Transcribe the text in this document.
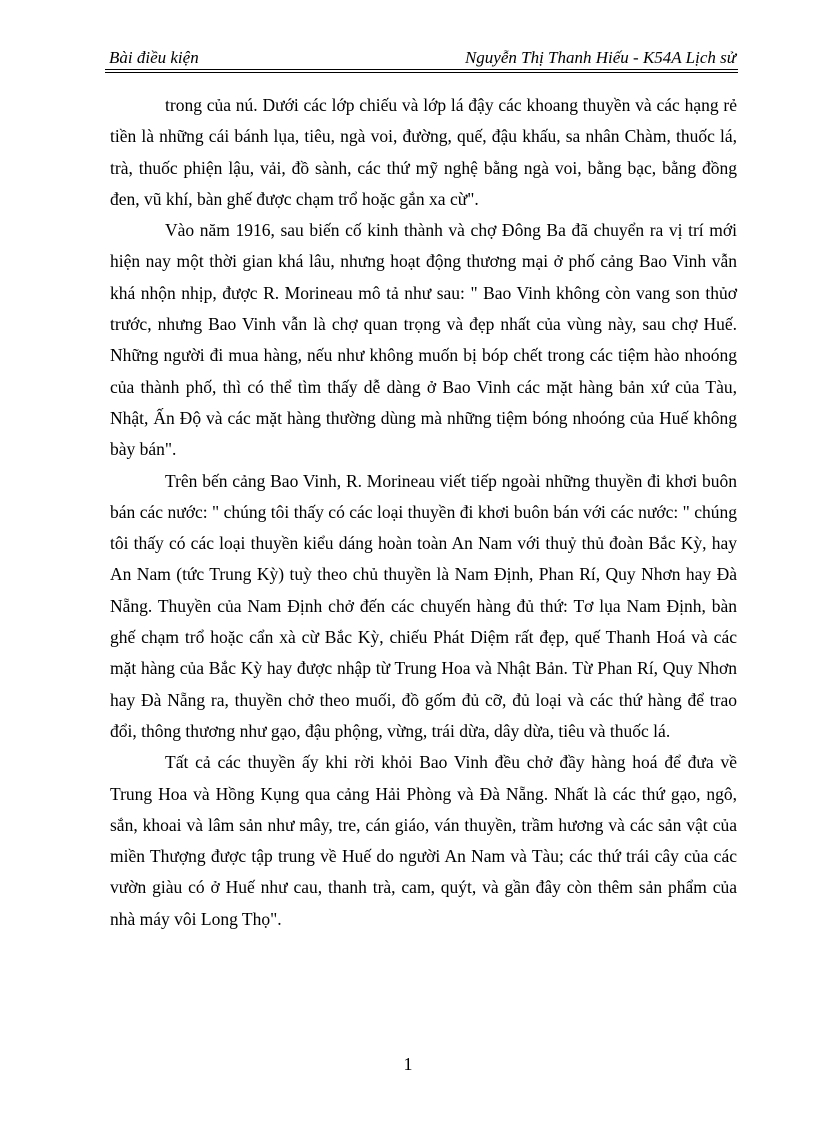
Bài điều kiện	Nguyễn Thị Thanh Hiếu - K54A Lịch sử

trong của nú. Dưới các lớp chiếu và lớp lá đậy các khoang thuyền và các hạng rẻ tiền là những cái bánh lụa, tiêu, ngà voi, đường, quế, đậu khấu, sa nhân Chàm, thuốc lá, trà, thuốc phiện lậu, vải, đồ sành, các thứ mỹ nghệ bằng ngà voi, bằng bạc, bằng đồng đen, vũ khí, bàn ghế được chạm trổ hoặc gắn xa cừ".

Vào năm 1916, sau biến cố kinh thành và chợ Đông Ba đã chuyển ra vị trí mới hiện nay một thời gian khá lâu, nhưng hoạt động thương mại ở phố cảng Bao Vinh vẫn khá nhộn nhịp, được R. Morineau mô tả như sau: " Bao Vinh không còn vang son thủơ trước, nhưng Bao Vinh vẫn là chợ quan trọng và đẹp nhất của vùng này, sau chợ Huế. Những người đi mua hàng, nếu như không muốn bị bóp chết trong các tiệm hào nhoóng của thành phố, thì có thể tìm thấy dễ dàng ở Bao Vinh các mặt hàng bản xứ của Tàu, Nhật, Ấn Độ và các mặt hàng thường dùng mà những tiệm bóng nhoóng của Huế không bày bán".

Trên bến cảng Bao Vinh, R. Morineau viết tiếp ngoài những thuyền đi khơi buôn bán các nước: " chúng tôi thấy có các loại thuyền đi khơi buôn bán với các nước: " chúng tôi thấy có các loại thuyền kiểu dáng hoàn toàn An Nam với thuỷ thủ đoàn Bắc Kỳ, hay An Nam (tức Trung Kỳ) tuỳ theo chủ thuyền là Nam Định, Phan Rí, Quy Nhơn hay Đà Nẵng. Thuyền của Nam Định chở đến các chuyến hàng đủ thứ: Tơ lụa Nam Định, bàn ghế chạm trổ hoặc cẩn xà cừ Bắc Kỳ, chiếu Phát Diệm rất đẹp, quế Thanh Hoá và các mặt hàng của Bắc Kỳ hay được nhập từ Trung Hoa và Nhật Bản. Từ Phan Rí, Quy Nhơn hay Đà Nẵng ra, thuyền chở theo muối, đồ gốm đủ cỡ, đủ loại và các thứ hàng để trao đổi, thông thương như gạo, đậu phộng, vừng, trái dừa, dây dừa, tiêu và thuốc lá.

Tất cả các thuyền ấy khi rời khỏi Bao Vinh đều chở đầy hàng hoá để đưa về Trung Hoa và Hồng Kụng qua cảng Hải Phòng và Đà Nẵng. Nhất là các thứ gạo, ngô, sắn, khoai và lâm sản như mây, tre, cán giáo, ván thuyền, trầm hương và các sản vật của miền Thượng được tập trung về Huế do người An Nam và Tàu; các thứ trái cây của các vườn giàu có ở Huế như cau, thanh trà, cam, quýt, và gần đây còn thêm sản phẩm của nhà máy vôi Long Thọ".

1
